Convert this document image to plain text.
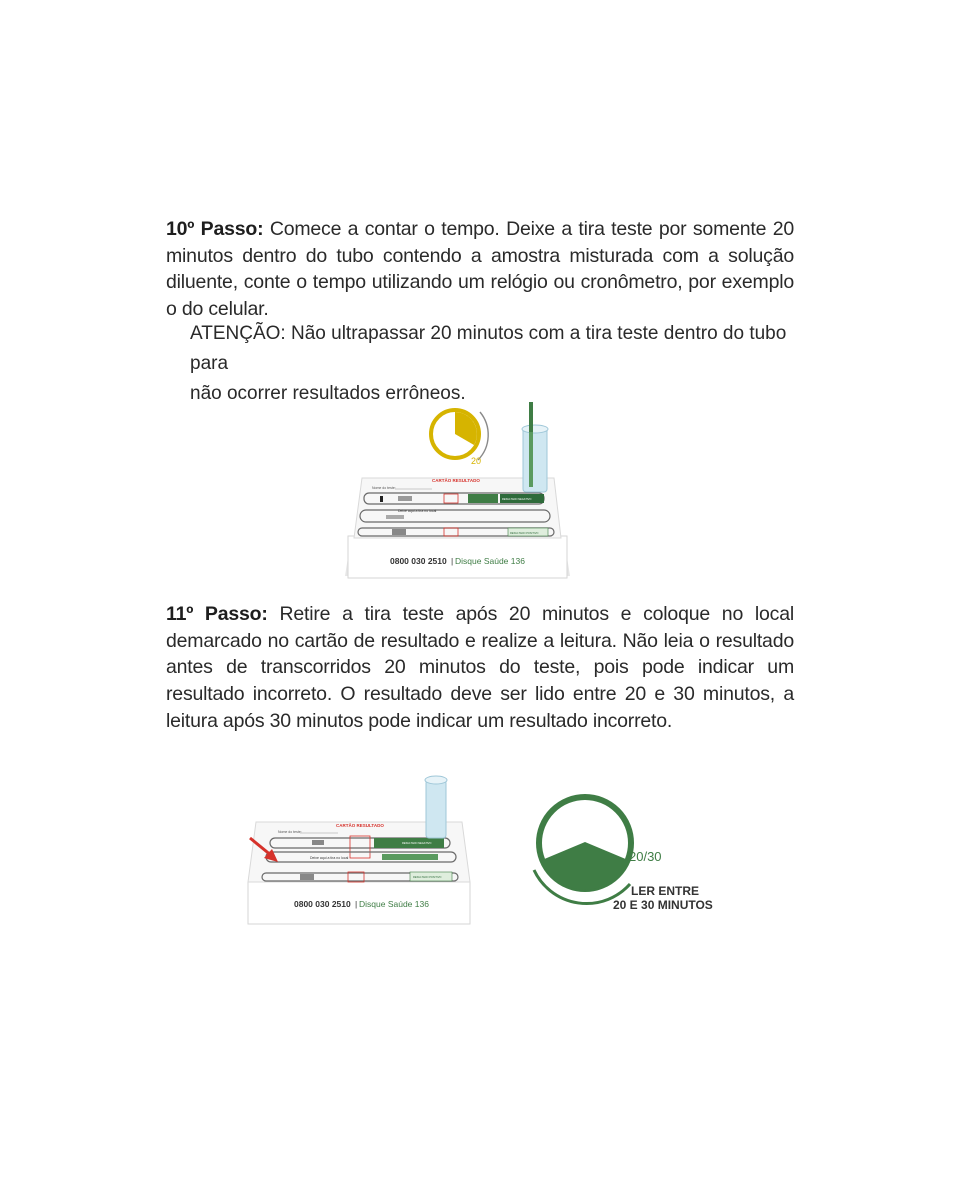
10º Passo: Comece a contar o tempo. Deixe a tira teste por somente 20 minutos dentro do tubo contendo a amostra misturada com a solução diluente, conte o tempo utilizando um relógio ou cronômetro, por exemplo o do celular.

ATENÇÃO: Não ultrapassar 20 minutos com a tira teste dentro do tubo para
não ocorrer resultados errôneos.
20
CARTÃO RESULTADO
Nome do teste:
RESULTADO NEGATIVO
Deixe aqui a tira no local
RESULTADO POSITIVO
0800 030 2510 | Disque Saúde 136

11º Passo: Retire a tira teste após 20 minutos e coloque no local demarcado no cartão de resultado e realize a leitura. Não leia o resultado antes de transcorridos 20 minutos do teste, pois pode indicar um resultado incorreto. O resultado deve ser lido entre 20 e 30 minutos, a leitura após 30 minutos pode indicar um resultado incorreto.

CARTÃO RESULTADO
Nome do teste:
RESULTADO NEGATIVO
Deixe aqui a tira no local
RESULTADO POSITIVO
0800 030 2510 | Disque Saúde 136
20/30
LER ENTRE
20 E 30 MINUTOS
